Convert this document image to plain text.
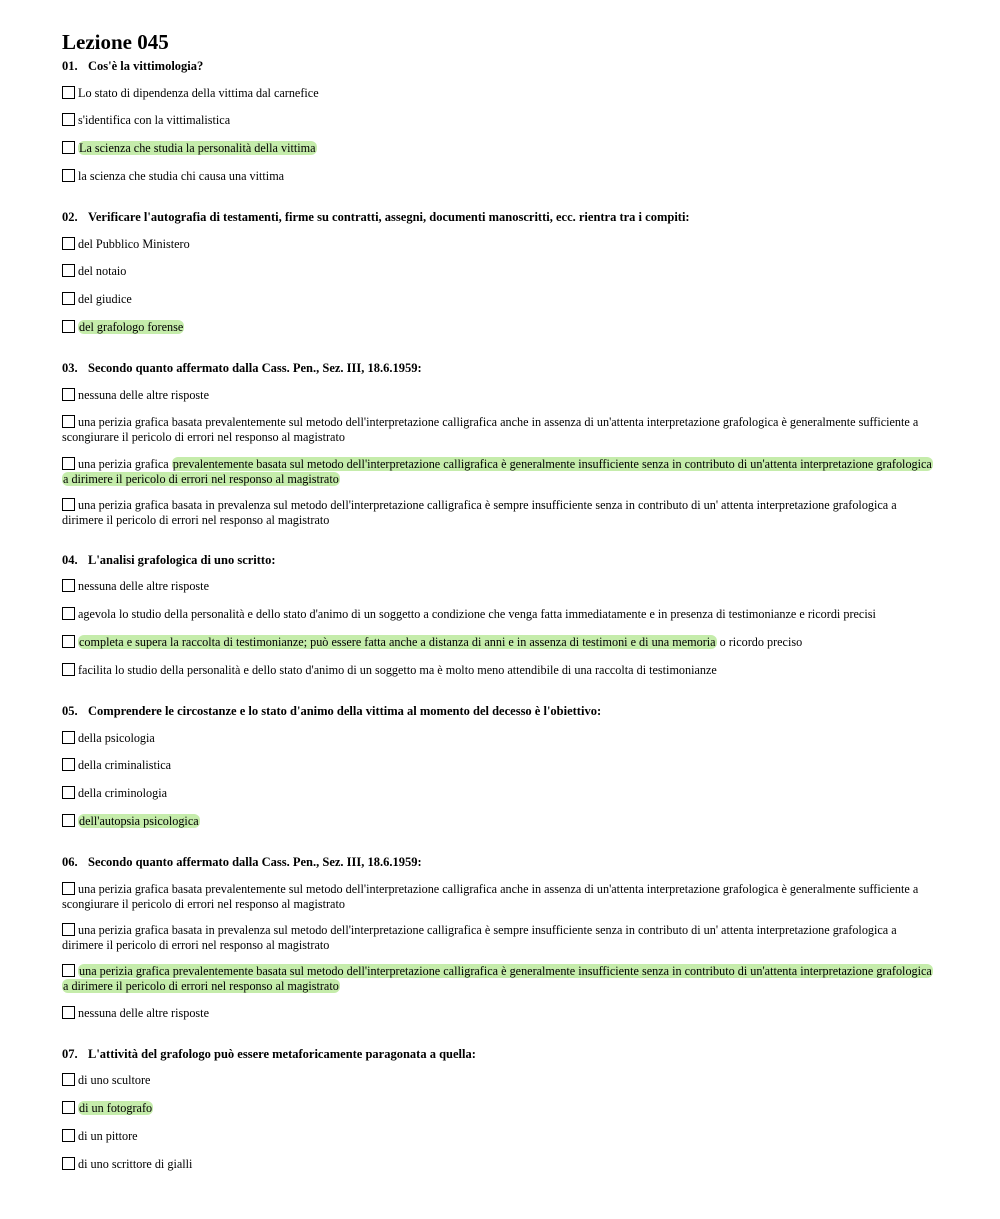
Lezione 045
01. Cos'è la vittimologia?
Lo stato di dipendenza della vittima dal carnefice
s'identifica con la vittimalistica
La scienza che studia la personalità della vittima
la scienza che studia chi causa una vittima
02. Verificare l'autografia di testamenti, firme su contratti, assegni, documenti manoscritti, ecc. rientra tra i compiti:
del Pubblico Ministero
del notaio
del giudice
del grafologo forense
03. Secondo quanto affermato dalla Cass. Pen., Sez. III, 18.6.1959:
nessuna delle altre risposte
una perizia grafica basata prevalentemente sul metodo dell'interpretazione calligrafica anche in assenza di un'attenta interpretazione grafologica è generalmente sufficiente a scongiurare il pericolo di errori nel responso al magistrato
una perizia grafica prevalentemente basata sul metodo dell'interpretazione calligrafica è generalmente insufficiente senza in contributo di un'attenta interpretazione grafologica a dirimere il pericolo di errori nel responso al magistrato
una perizia grafica basata in prevalenza sul metodo dell'interpretazione calligrafica è sempre insufficiente senza in contributo di un' attenta interpretazione grafologica a dirimere il pericolo di errori nel responso al magistrato
04. L'analisi grafologica di uno scritto:
nessuna delle altre risposte
agevola lo studio della personalità e dello stato d'animo di un soggetto a condizione che venga fatta immediatamente e in presenza di testimonianze e ricordi precisi
completa e supera la raccolta di testimonianze; può essere fatta anche a distanza di anni e in assenza di testimoni e di una memoria o ricordo preciso
facilita lo studio della personalità e dello stato d'animo di un soggetto ma è molto meno attendibile di una raccolta di testimonianze
05. Comprendere le circostanze e lo stato d'animo della vittima al momento del decesso è l'obiettivo:
della psicologia
della criminalistica
della criminologia
dell'autopsia psicologica
06. Secondo quanto affermato dalla Cass. Pen., Sez. III, 18.6.1959:
una perizia grafica basata prevalentemente sul metodo dell'interpretazione calligrafica anche in assenza di un'attenta interpretazione grafologica è generalmente sufficiente a scongiurare il pericolo di errori nel responso al magistrato
una perizia grafica basata in prevalenza sul metodo dell'interpretazione calligrafica è sempre insufficiente senza in contributo di un' attenta interpretazione grafologica a dirimere il pericolo di errori nel responso al magistrato
una perizia grafica prevalentemente basata sul metodo dell'interpretazione calligrafica è generalmente insufficiente senza in contributo di un'attenta interpretazione grafologica a dirimere il pericolo di errori nel responso al magistrato
nessuna delle altre risposte
07. L'attività del grafologo può essere metaforicamente paragonata a quella:
di uno scultore
di un fotografo
di un pittore
di uno scrittore di gialli
